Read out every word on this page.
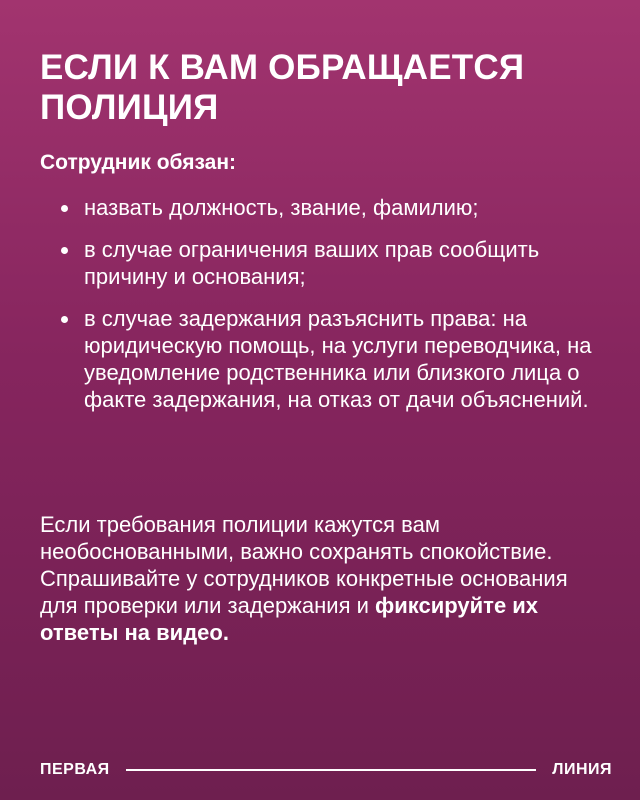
ЕСЛИ К ВАМ ОБРАЩАЕТСЯ ПОЛИЦИЯ
Сотрудник обязан:
назвать должность, звание, фамилию;
в случае ограничения ваших прав сообщить причину и основания;
в случае задержания разъяснить права: на юридическую помощь, на услуги переводчика, на уведомление родственника или близкого лица о факте задержания, на отказ от дачи объяснений.

Если требования полиции кажутся вам необоснованными, важно сохранять спокойствие. Спрашивайте у сотрудников конкретные основания для проверки или задержания и фиксируйте их ответы на видео.

ПЕРВАЯ	ЛИНИЯ
